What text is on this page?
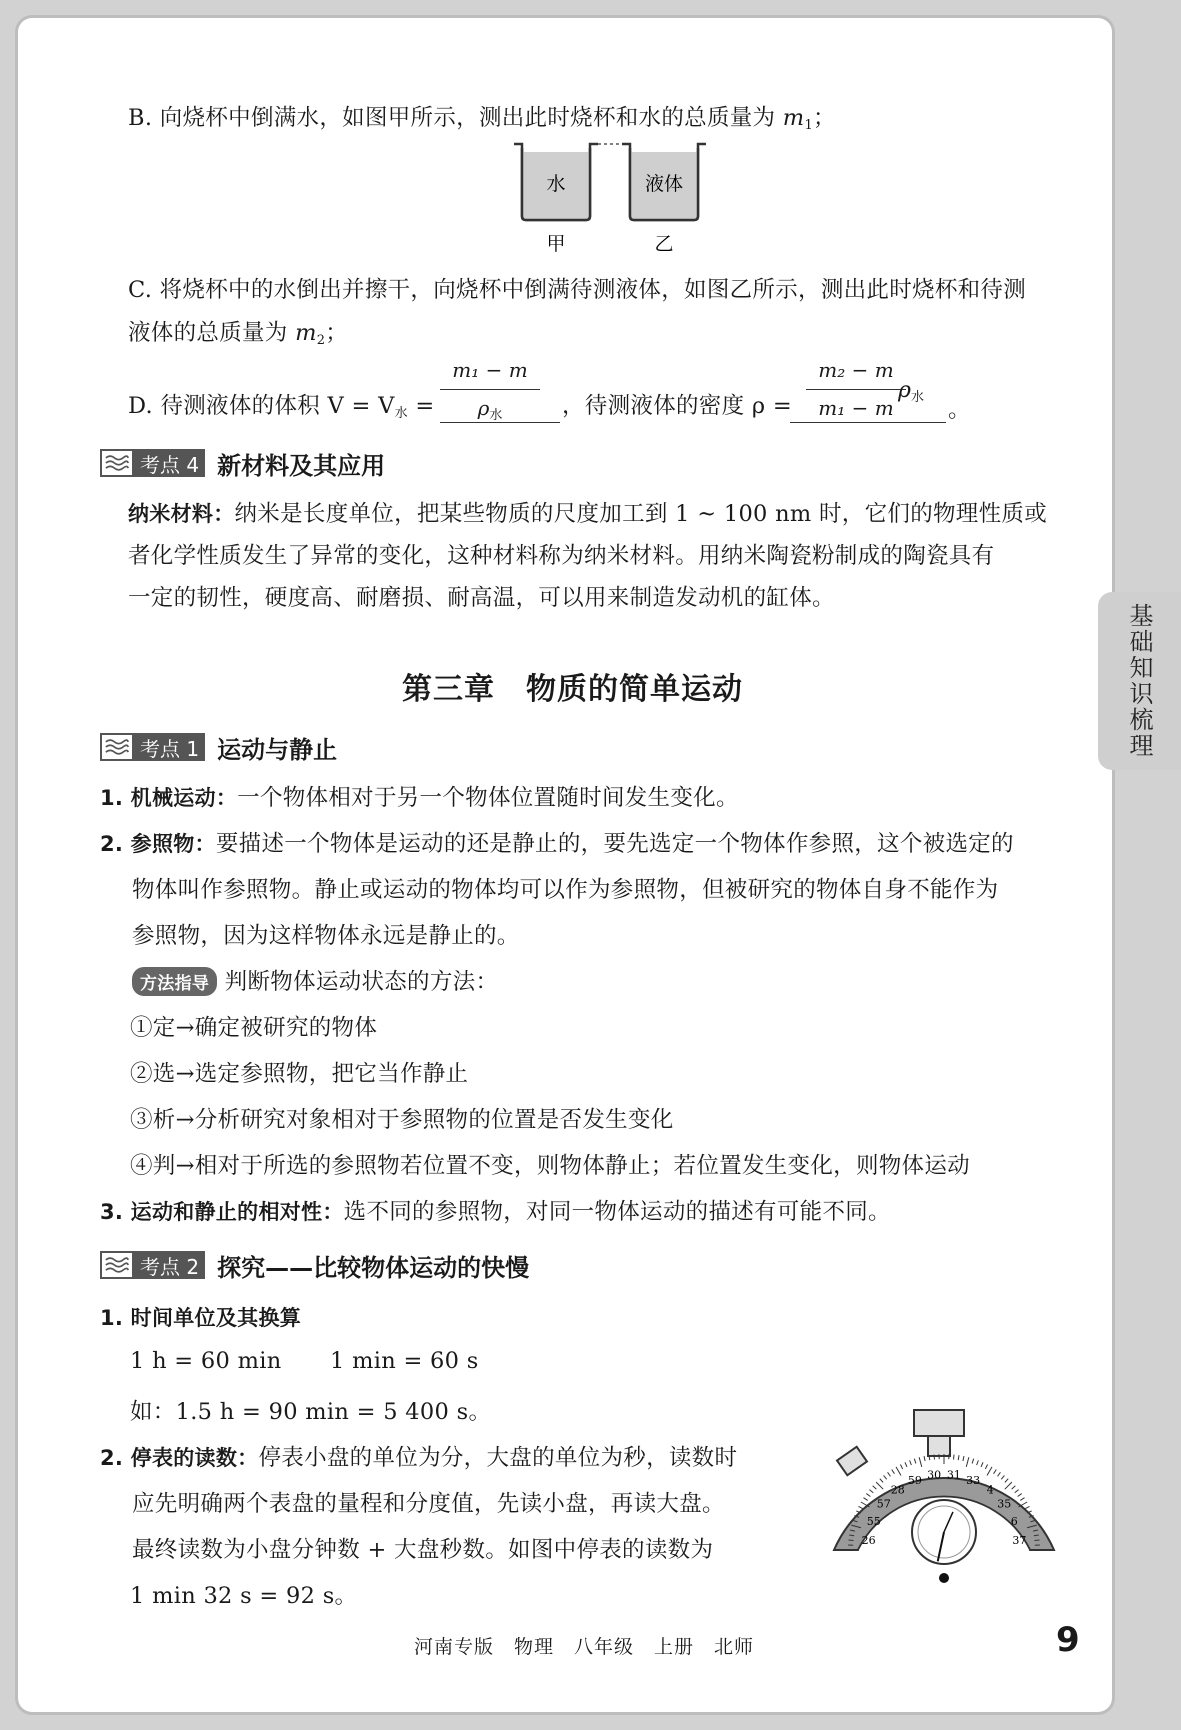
基础知识梳理
B. 向烧杯中倒满水，如图甲所示，测出此时烧杯和水的总质量为 $m_1$；
水	液体
甲	乙
C. 将烧杯中的水倒出并擦干，向烧杯中倒满待测液体，如图乙所示，测出此时烧杯和待测
液体的总质量为 $m_2$；
D. 待测液体的体积 $V = V_水$ =
m₁ − m
$\rho_水$	，待测液体的密度 ρ =
m₂ − m
m₁ − m
$\rho_水$ 。
考点 4 新材料及其应用
纳米材料：纳米是长度单位，把某些物质的尺度加工到 1 ~ 100 nm 时，它们的物理性质或
者化学性质发生了异常的变化，这种材料称为纳米材料。用纳米陶瓷粉制成的陶瓷具有
一定的韧性，硬度高、耐磨损、耐高温，可以用来制造发动机的缸体。
第三章　物质的简单运动
考点 1 运动与静止
1. 机械运动：一个物体相对于另一个物体位置随时间发生变化。
2. 参照物：要描述一个物体是运动的还是静止的，要先选定一个物体作参照，这个被选定的
物体叫作参照物。静止或运动的物体均可以作为参照物，但被研究的物体自身不能作为
参照物，因为这样物体永远是静止的。
方法指导 判断物体运动状态的方法：
①定→确定被研究的物体
②选→选定参照物，把它当作静止
③析→分析研究对象相对于参照物的位置是否发生变化
④判→相对于所选的参照物若位置不变，则物体静止；若位置发生变化，则物体运动
3. 运动和静止的相对性：选不同的参照物，对同一物体运动的描述有可能不同。
考点 2 探究——比较物体运动的快慢
1. 时间单位及其换算
1 h = 60 min 1 min = 60 s
如：1.5 h = 90 min = 5 400 s。
2. 停表的读数：停表小盘的单位为分，大盘的单位为秒，读数时
应先明确两个表盘的量程和分度值，先读小盘，再读大盘。
最终读数为小盘分钟数 + 大盘秒数。如图中停表的读数为
1 min 32 s = 92 s。
26
55
57
28
59 30 31 33
4
35
6
37
河南专版　物理　八年级　上册　北师	9
